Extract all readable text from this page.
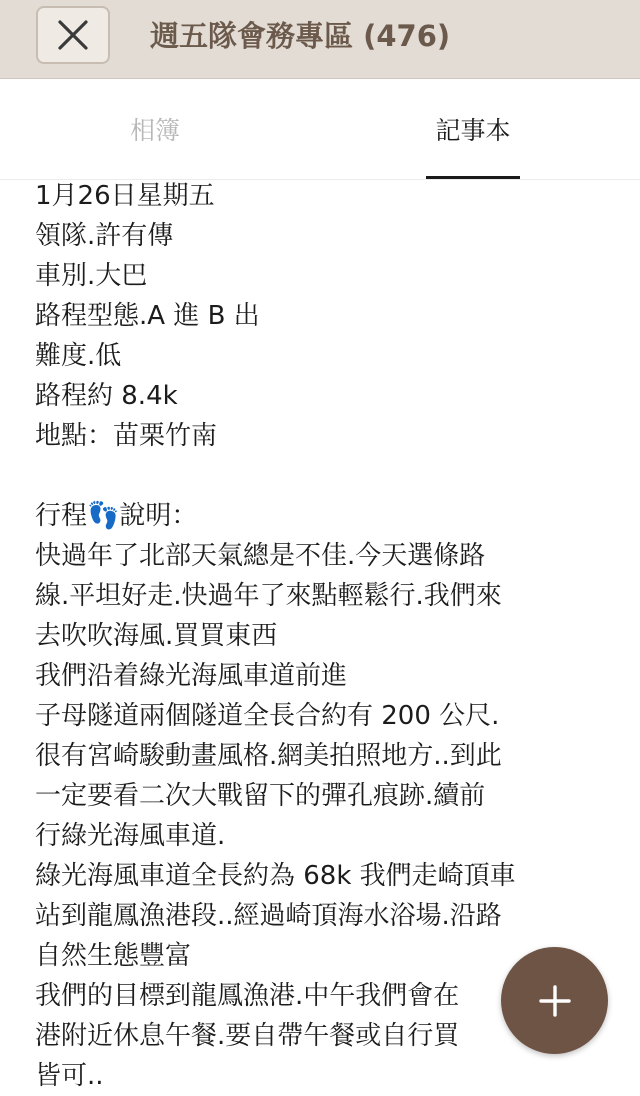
週五隊會務專區 (476)
相簿	記事本
1月26日星期五
領隊.許有傳
車別.大巴
路程型態.A 進 B 出
難度.低
路程約 8.4k
地點：苗栗竹南
行程👣說明：
快過年了北部天氣總是不佳.今天選條路
線.平坦好走.快過年了來點輕鬆行.我們來
去吹吹海風.買買東西
我們沿着綠光海風車道前進
子母隧道兩個隧道全長合約有 200 公尺.
很有宮崎駿動畫風格.網美拍照地方..到此
一定要看二次大戰留下的彈孔痕跡.續前
行綠光海風車道.
綠光海風車道全長約為 68k 我們走崎頂車
站到龍鳳漁港段..經過崎頂海水浴場.沿路
自然生態豐富
我們的目標到龍鳳漁港.中午我們會在
港附近休息午餐.要自帶午餐或自行買
皆可..
